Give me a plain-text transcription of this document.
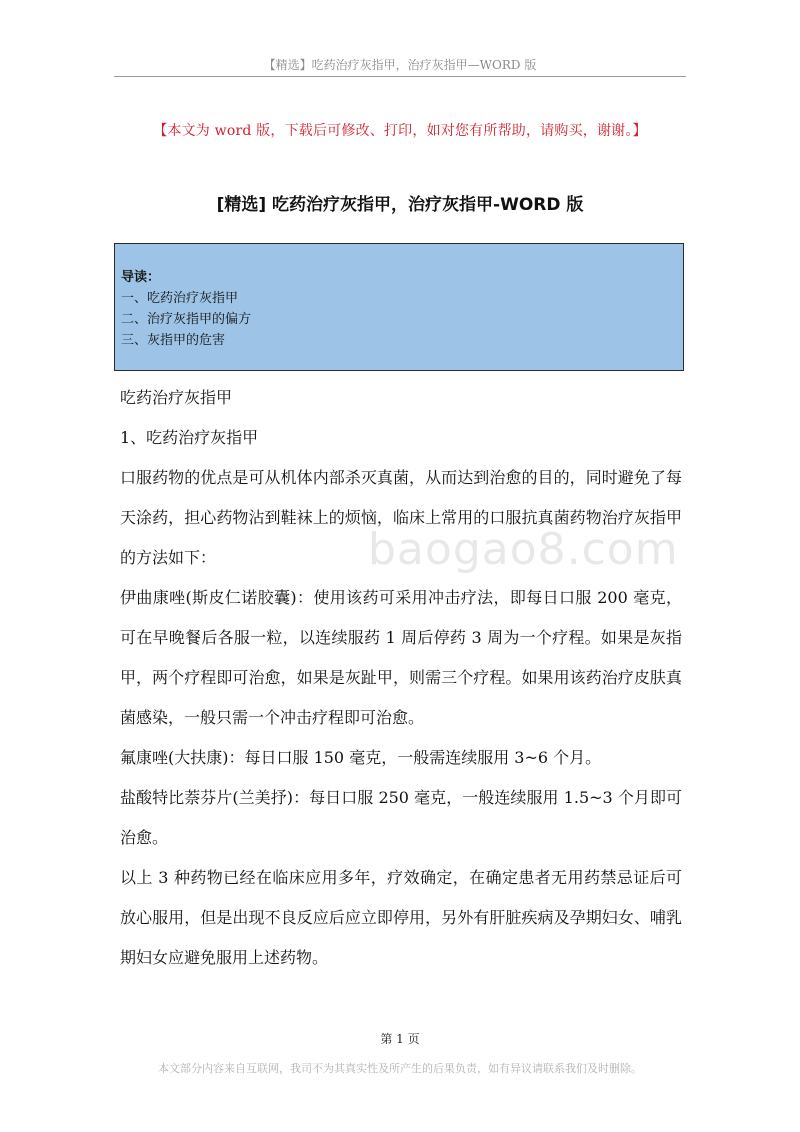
【精选】吃药治疗灰指甲，治疗灰指甲—WORD 版
【本文为 word 版，下载后可修改、打印，如对您有所帮助，请购买，谢谢。】
[精选] 吃药治疗灰指甲，治疗灰指甲-WORD 版
导读：
一、吃药治疗灰指甲
二、治疗灰指甲的偏方
三、灰指甲的危害

吃药治疗灰指甲

1、吃药治疗灰指甲

口服药物的优点是可从机体内部杀灭真菌，从而达到治愈的目的，同时避免了每天涂药，担心药物沾到鞋袜上的烦恼，临床上常用的口服抗真菌药物治疗灰指甲的方法如下：

伊曲康唑(斯皮仁诺胶囊)：使用该药可采用冲击疗法，即每日口服 200 毫克，可在早晚餐后各服一粒，以连续服药 1 周后停药 3 周为一个疗程。如果是灰指甲，两个疗程即可治愈，如果是灰趾甲，则需三个疗程。如果用该药治疗皮肤真菌感染，一般只需一个冲击疗程即可治愈。

氟康唑(大扶康)：每日口服 150 毫克，一般需连续服用 3~6 个月。

盐酸特比萘芬片(兰美抒)：每日口服 250 毫克，一般连续服用 1.5~3 个月即可治愈。

以上 3 种药物已经在临床应用多年，疗效确定，在确定患者无用药禁忌证后可放心服用，但是出现不良反应后应立即停用，另外有肝脏疾病及孕期妇女、哺乳期妇女应避免服用上述药物。

baogao8.com
第 1 页
本文部分内容来自互联网，我司不为其真实性及所产生的后果负责，如有异议请联系我们及时删除。
